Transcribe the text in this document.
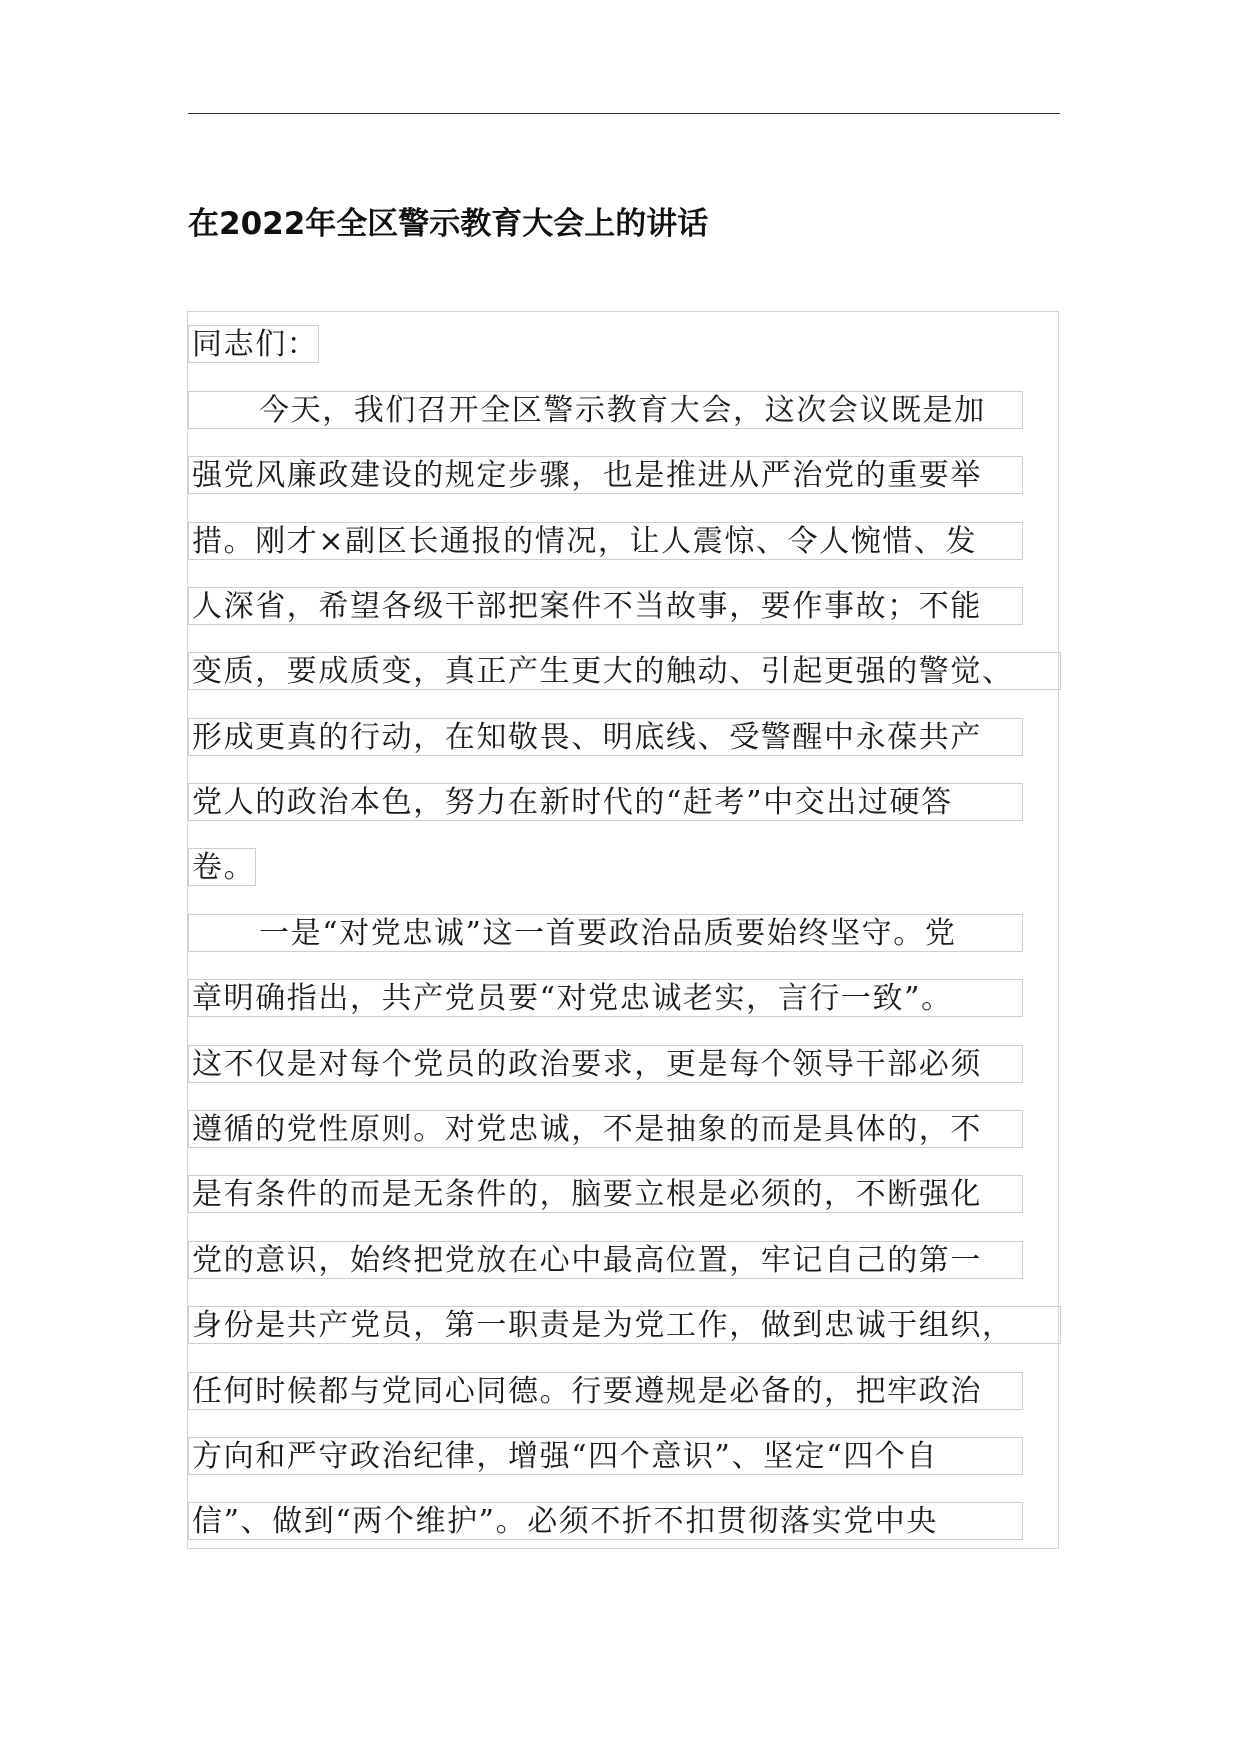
在2022年全区警示教育大会上的讲话
同志们：
今天，我们召开全区警示教育大会，这次会议既是加
强党风廉政建设的规定步骤，也是推进从严治党的重要举
措。刚才×副区长通报的情况，让人震惊、令人惋惜、发
人深省，希望各级干部把案件不当故事，要作事故；不能
变质，要成质变，真正产生更大的触动、引起更强的警觉、
形成更真的行动，在知敬畏、明底线、受警醒中永葆共产
党人的政治本色，努力在新时代的“赶考”中交出过硬答
卷。
一是“对党忠诚”这一首要政治品质要始终坚守。党
章明确指出，共产党员要“对党忠诚老实，言行一致”。
这不仅是对每个党员的政治要求，更是每个领导干部必须
遵循的党性原则。对党忠诚，不是抽象的而是具体的，不
是有条件的而是无条件的，脑要立根是必须的，不断强化
党的意识，始终把党放在心中最高位置，牢记自己的第一
身份是共产党员，第一职责是为党工作，做到忠诚于组织，
任何时候都与党同心同德。行要遵规是必备的，把牢政治
方向和严守政治纪律，增强“四个意识”、坚定“四个自
信”、做到“两个维护”。必须不折不扣贯彻落实党中央
